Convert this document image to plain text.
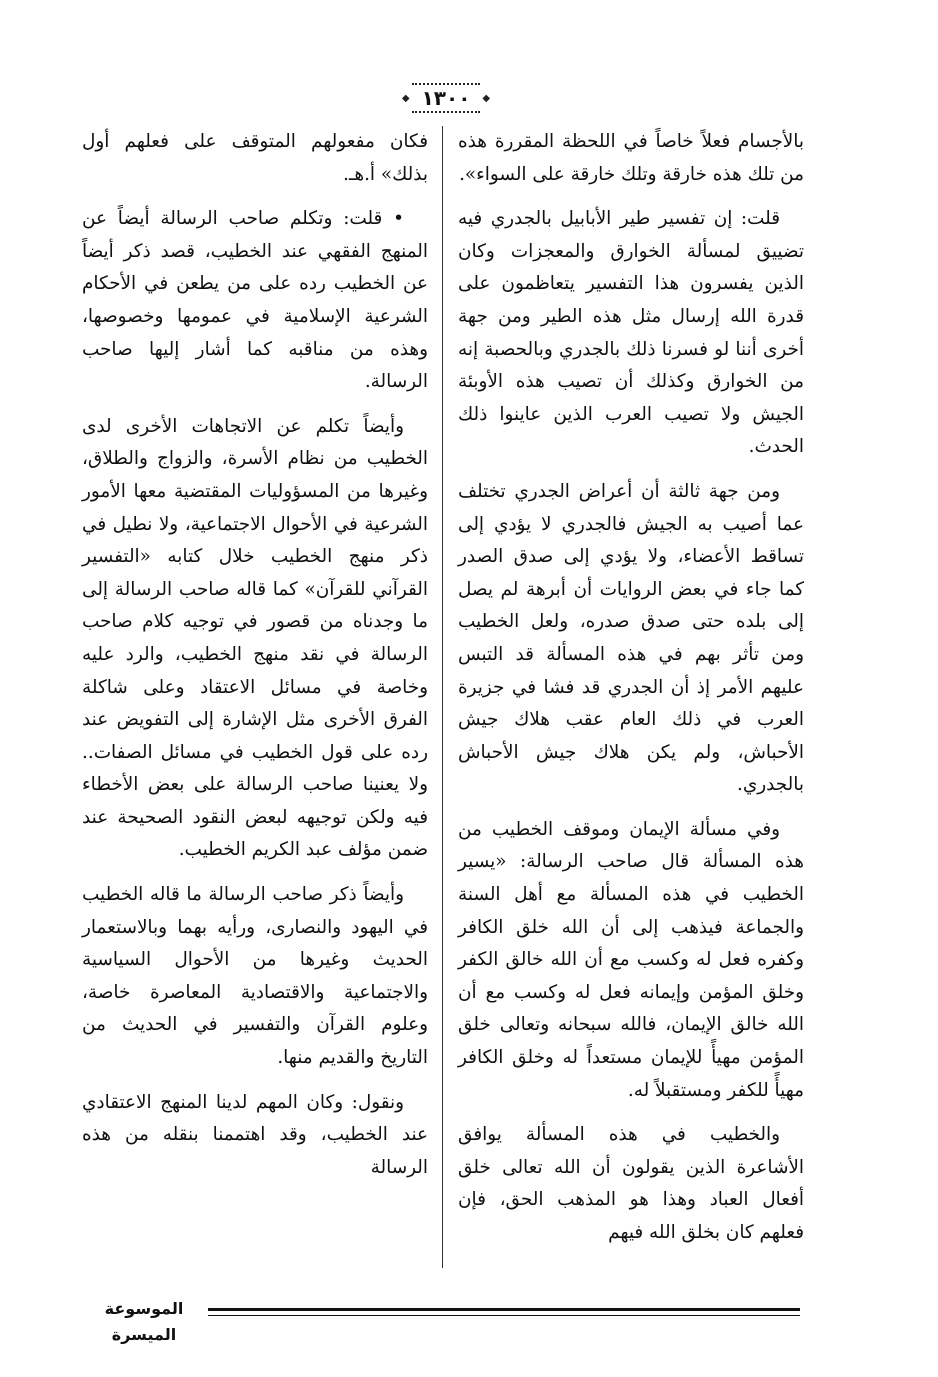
◆ ١٣٠٠	◆

بالأجسام فعلاً خاصاً في اللحظة المقررة هذه من تلك هذه خارقة وتلك خارقة على السواء».

قلت: إن تفسير طير الأبابيل بالجدري فيه تضييق لمسألة الخوارق والمعجزات وكان الذين يفسرون هذا التفسير يتعاظمون على قدرة الله إرسال مثل هذه الطير ومن جهة أخرى أننا لو فسرنا ذلك بالجدري وبالحصبة إنه من الخوارق وكذلك أن تصيب هذه الأوبئة الجيش ولا تصيب العرب الذين عاينوا ذلك الحدث.

ومن جهة ثالثة أن أعراض الجدري تختلف عما أصيب به الجيش فالجدري لا يؤدي إلى تساقط الأعضاء، ولا يؤدي إلى صدق الصدر كما جاء في بعض الروايات أن أبرهة لم يصل إلى بلده حتى صدق صدره، ولعل الخطيب ومن تأثر بهم في هذه المسألة قد التبس عليهم الأمر إذ أن الجدري قد فشا في جزيرة العرب في ذلك العام عقب هلاك جيش الأحباش، ولم يكن هلاك جيش الأحباش بالجدري.

وفي مسألة الإيمان وموقف الخطيب من هذه المسألة قال صاحب الرسالة: «يسير الخطيب في هذه المسألة مع أهل السنة والجماعة فيذهب إلى أن الله خلق الكافر وكفره فعل له وكسب مع أن الله خالق الكفر وخلق المؤمن وإيمانه فعل له وكسب مع أن الله خالق الإيمان، فالله سبحانه وتعالى خلق المؤمن مهيأً للإيمان مستعداً له وخلق الكافر مهيأً للكفر ومستقبلاً له.

والخطيب في هذه المسألة يوافق الأشاعرة الذين يقولون أن الله تعالى خلق أفعال العباد وهذا هو المذهب الحق، فإن فعلهم كان بخلق الله فيهم

فكان مفعولهم المتوقف على فعلهم أول بذلك» أ.هـ.

• قلت: وتكلم صاحب الرسالة أيضاً عن المنهج الفقهي عند الخطيب، قصد ذكر أيضاً عن الخطيب رده على من يطعن في الأحكام الشرعية الإسلامية في عمومها وخصوصها، وهذه من مناقبه كما أشار إليها صاحب الرسالة.

وأيضاً تكلم عن الاتجاهات الأخرى لدى الخطيب من نظام الأسرة، والزواج والطلاق، وغيرها من المسؤوليات المقتضية معها الأمور الشرعية في الأحوال الاجتماعية، ولا نطيل في ذكر منهج الخطيب خلال كتابه «التفسير القرآني للقرآن» كما قاله صاحب الرسالة إلى ما وجدناه من قصور في توجيه كلام صاحب الرسالة في نقد منهج الخطيب، والرد عليه وخاصة في مسائل الاعتقاد وعلى شاكلة الفرق الأخرى مثل الإشارة إلى التفويض عند رده على قول الخطيب في مسائل الصفات.. ولا يعنينا صاحب الرسالة على بعض الأخطاء فيه ولكن توجيهه لبعض النقود الصحيحة عند ضمن مؤلف عبد الكريم الخطيب.

وأيضاً ذكر صاحب الرسالة ما قاله الخطيب في اليهود والنصارى، ورأيه بهما وبالاستعمار الحديث وغيرها من الأحوال السياسية والاجتماعية والاقتصادية المعاصرة خاصة، وعلوم القرآن والتفسير في الحديث من التاريخ والقديم منها.

ونقول: وكان المهم لدينا المنهج الاعتقادي عند الخطيب، وقد اهتممنا بنقله من هذه الرسالة

الموسوعة الميسرة
